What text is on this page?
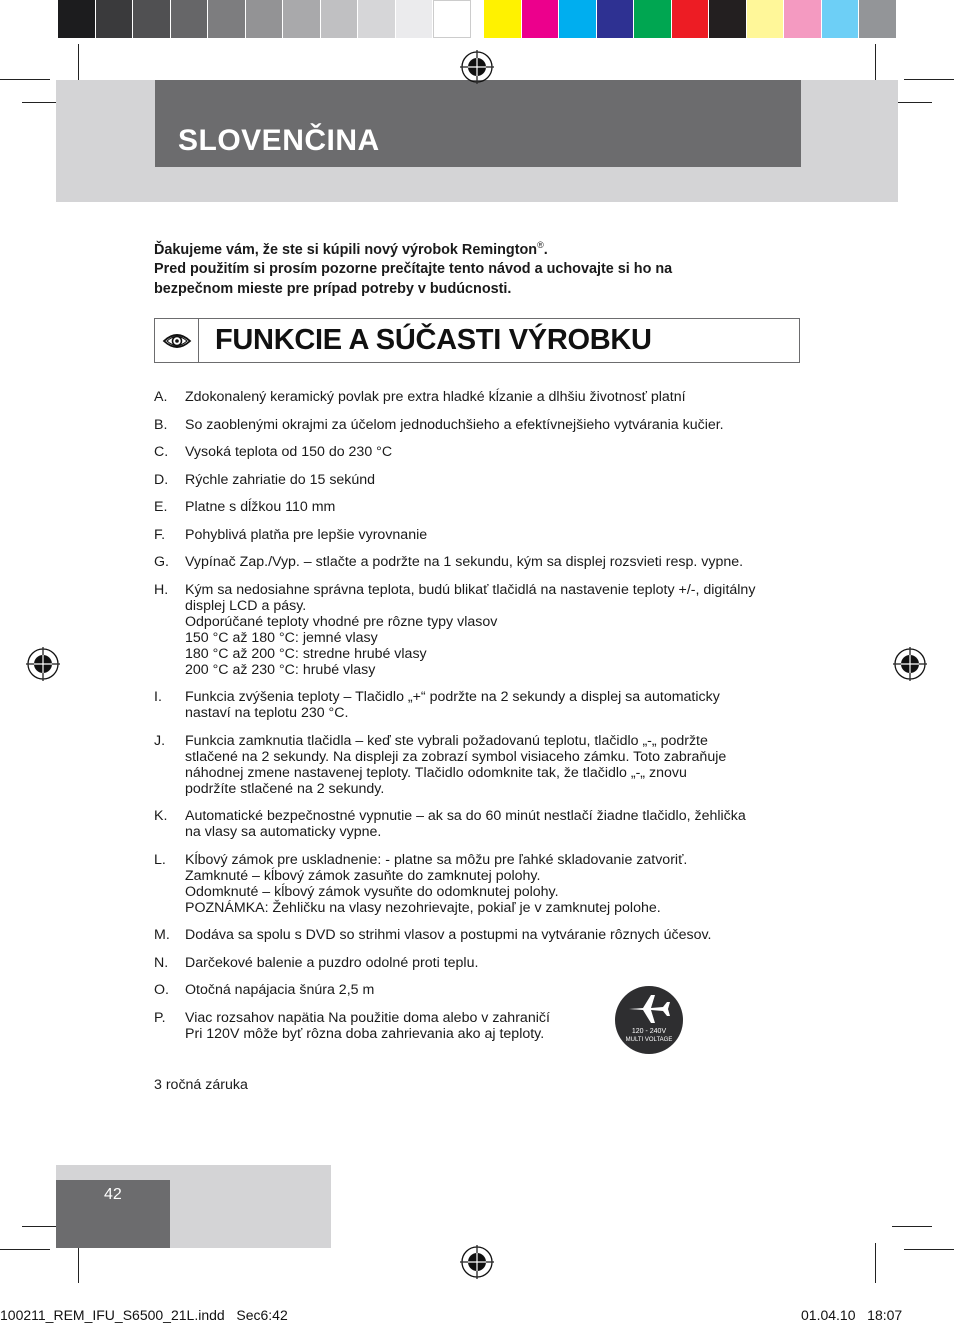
SLOVENČINA

Ďakujeme vám, že ste si kúpili nový výrobok Remington®.

Pred použitím si prosím pozorne prečítajte tento návod a uchovajte si ho na

bezpečnom mieste pre prípad potreby v budúcnosti.

FUNKCIE A SÚČASTI VÝROBKU
A.	Zdokonalený keramický povlak pre extra hladké kĺzanie a dlhšiu životnosť platní
B.	So zaoblenými okrajmi za účelom jednoduchšieho a efektívnejšieho vytvárania kučier.
C.	Vysoká teplota od 150 do 230 °C
D.	Rýchle zahriatie do 15 sekúnd
E.	Platne s dĺžkou 110 mm
F.	Pohyblivá platňa pre lepšie vyrovnanie
G.	Vypínač Zap./Vyp. – stlačte a podržte na 1 sekundu, kým sa displej rozsvieti resp. vypne.
H.	Kým sa nedosiahne správna teplota, budú blikať tlačidlá na nastavenie teploty +/-, digitálny
displej LCD a pásy.
Odporúčané teploty vhodné pre rôzne typy vlasov
150 °C až 180 °C: jemné vlasy
180 °C až 200 °C: stredne hrubé vlasy
200 °C až 230 °C: hrubé vlasy
I.	Funkcia zvýšenia teploty – Tlačidlo „+“ podržte na 2 sekundy a displej sa automaticky
nastaví na teplotu 230 °C.
J.	Funkcia zamknutia tlačidla – keď ste vybrali požadovanú teplotu, tlačidlo „-„ podržte
stlačené na 2 sekundy. Na displeji za zobrazí symbol visiaceho zámku. Toto zabraňuje
náhodnej zmene nastavenej teploty. Tlačidlo odomknite tak, že tlačidlo „-„ znovu
podržíte stlačené na 2 sekundy.
K.	Automatické bezpečnostné vypnutie – ak sa do 60 minút nestlačí žiadne tlačidlo, žehlička
na vlasy sa automaticky vypne.
L.	Kĺbový zámok pre uskladnenie: - platne sa môžu pre ľahké skladovanie zatvoriť.
Zamknuté – kĺbový zámok zasuňte do zamknutej polohy.
Odomknuté – kĺbový zámok vysuňte do odomknutej polohy.
POZNÁMKA: Žehličku na vlasy nezohrievajte, pokiaľ je v zamknutej polohe.
M.	Dodáva sa spolu s DVD so strihmi vlasov a postupmi na vytváranie rôznych účesov.
N.	Darčekové balenie a puzdro odolné proti teplu.
O.	Otočná napájacia šnúra 2,5 m
P.	Viac rozsahov napätia Na použitie doma alebo v zahraničí
Pri 120V môže byť rôzna doba zahrievania ako aj teploty.	120 - 240V
MULTI VOLTAGE
3 ročná záruka
42
100211_REM_IFU_S6500_21L.indd   Sec6:42	01.04.10   18:07
